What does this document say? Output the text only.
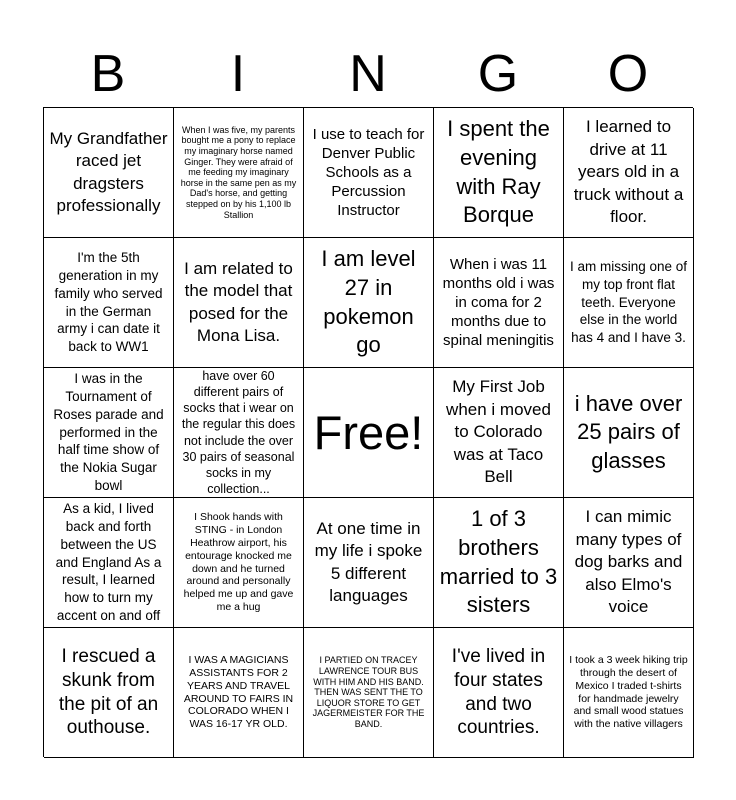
B	I	N	G	O
My Grandfather raced jet dragsters professionally
When I was five, my parents bought me a pony to replace my imaginary horse named Ginger. They were afraid of me feeding my imaginary horse in the same pen as my Dad's horse, and getting stepped on by his 1,100 lb Stallion
I use to teach for Denver Public Schools as a Percussion Instructor
I spent the evening with Ray Borque
I learned to drive at 11 years old in a truck without a floor.
I'm the 5th generation in my family who served in the German army i can date it back to WW1
I am related to the model that posed for the Mona Lisa.
I am level 27 in pokemon go
When i was 11 months old i was in coma for 2 months due to spinal meningitis
I am missing one of my top front flat teeth. Everyone else in the world has 4 and I have 3.
I was in the Tournament of Roses parade and performed in the half time show of the Nokia Sugar bowl
have over 60 different pairs of socks that i wear on the regular this does not include the over 30 pairs of seasonal socks in my collection...
Free!
My First Job when i moved to Colorado was at Taco Bell
i have over 25 pairs of glasses
As a kid, I lived back and forth between the US and England As a result, I learned how to turn my accent on and off
I Shook hands with STING - in London Heathrow airport, his entourage knocked me down and he turned around and personally helped me up and gave me a hug
At one time in my life i spoke 5 different languages
1 of 3 brothers married to 3 sisters
I can mimic many types of dog barks and also Elmo's voice
I rescued a skunk from the pit of an outhouse.
I WAS A MAGICIANS ASSISTANTS FOR 2 YEARS AND TRAVEL AROUND TO FAIRS IN COLORADO WHEN I WAS 16-17 YR OLD.
I PARTIED ON TRACEY LAWRENCE TOUR BUS WITH HIM AND HIS BAND. THEN WAS SENT THE TO LIQUOR STORE TO GET JAGERMEISTER FOR THE BAND.
I've lived in four states and two countries.
I took a 3 week hiking trip through the desert of Mexico I traded t-shirts for handmade jewelry and small wood statues with the native villagers
